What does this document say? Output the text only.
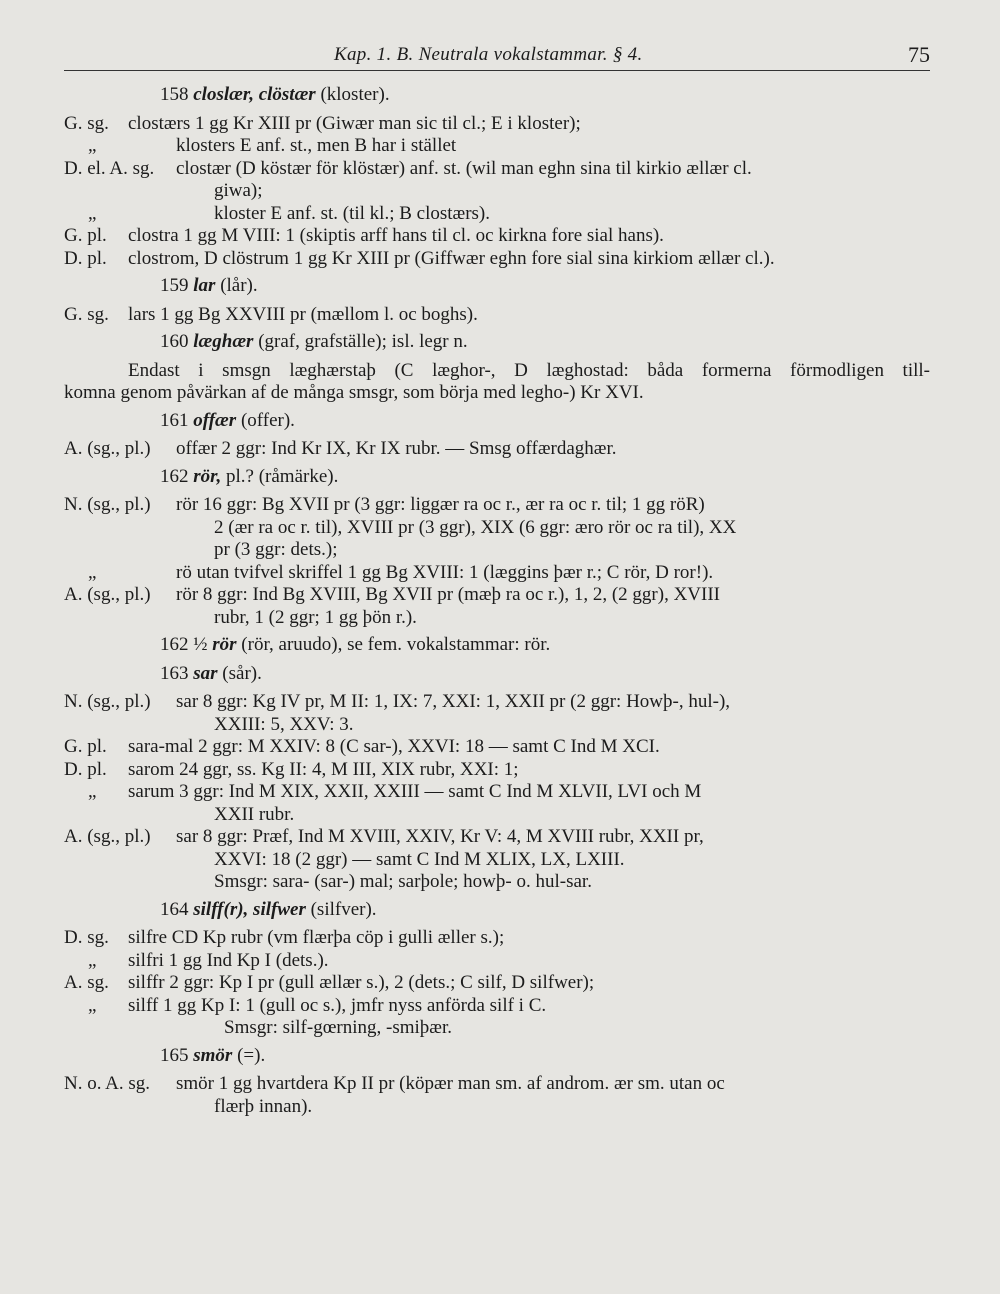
Kap. 1. B. Neutrala vokalstammar. § 4.	75
158 closlær, clöstær (kloster).
G. sg. clostærs 1 gg Kr XIII pr (Giwær man sic til cl.; E i kloster);
„	klosters E anf. st., men B har i stället
D. el. A. sg. clostær (D köstær för klöstær) anf. st. (wil man eghn sina til kirkio ællær cl.
giwa);
„	kloster E anf. st. (til kl.; B clostærs).
G. pl. clostra 1 gg M VIII: 1 (skiptis arff hans til cl. oc kirkna fore sial hans).
D. pl. clostrom, D clöstrum 1 gg Kr XIII pr (Giffwær eghn fore sial sina kirkiom ællær cl.).
159 lar (lår).
G. sg. lars 1 gg Bg XXVIII pr (mællom l. oc boghs).
160 læghær (graf, grafställe); isl. legr n.
Endast i smsgn læghærstaþ (C læghor-, D læghostad: båda formerna förmodligen till-
komna genom påvärkan af de många smsgr, som börja med legho-) Kr XVI.
161 offær (offer).
A. (sg., pl.) offær 2 ggr: Ind Kr IX, Kr IX rubr. — Smsg offærdaghær.
162 rör, pl.? (råmärke).
N. (sg., pl.) rör 16 ggr: Bg XVII pr (3 ggr: liggær ra oc r., ær ra oc r. til; 1 gg röR)
2 (ær ra oc r. til), XVIII pr (3 ggr), XIX (6 ggr: æro rör oc ra til), XX
pr (3 ggr: dets.);
„	rö utan tvifvel skriffel 1 gg Bg XVIII: 1 (læggins þær r.; C rör, D ror!).
A. (sg., pl.) rör 8 ggr: Ind Bg XVIII, Bg XVII pr (mæþ ra oc r.), 1, 2, (2 ggr), XVIII
rubr, 1 (2 ggr; 1 gg þön r.).
162 ½ rör (rör, aruudo), se fem. vokalstammar: rör.
163 sar (sår).
N. (sg., pl.) sar 8 ggr: Kg IV pr, M II: 1, IX: 7, XXI: 1, XXII pr (2 ggr: Howþ-, hul-),
XXIII: 5, XXV: 3.
G. pl. sara-mal 2 ggr: M XXIV: 8 (C sar-), XXVI: 18 — samt C Ind M XCI.
D. pl. sarom 24 ggr, ss. Kg II: 4, M III, XIX rubr, XXI: 1;
„ sarum 3 ggr: Ind M XIX, XXII, XXIII — samt C Ind M XLVII, LVI och M
XXII rubr.
A. (sg., pl.) sar 8 ggr: Præf, Ind M XVIII, XXIV, Kr V: 4, M XVIII rubr, XXII pr,
XXVI: 18 (2 ggr) — samt C Ind M XLIX, LX, LXIII.
Smsgr: sara- (sar-) mal; sarþole; howþ- o. hul-sar.
164 silff(r), silfwer (silfver).
D. sg. silfre CD Kp rubr (vm flærþa cöp i gulli æller s.);
„ silfri 1 gg Ind Kp I (dets.).
A. sg. silffr 2 ggr: Kp I pr (gull ællær s.), 2 (dets.; C silf, D silfwer);
„ silff 1 gg Kp I: 1 (gull oc s.), jmfr nyss anförda silf i C.
Smsgr: silf-gœrning, -smiþær.
165 smör (=).
N. o. A. sg. smör 1 gg hvartdera Kp II pr (köpær man sm. af androm. ær sm. utan oc
flærþ innan).
